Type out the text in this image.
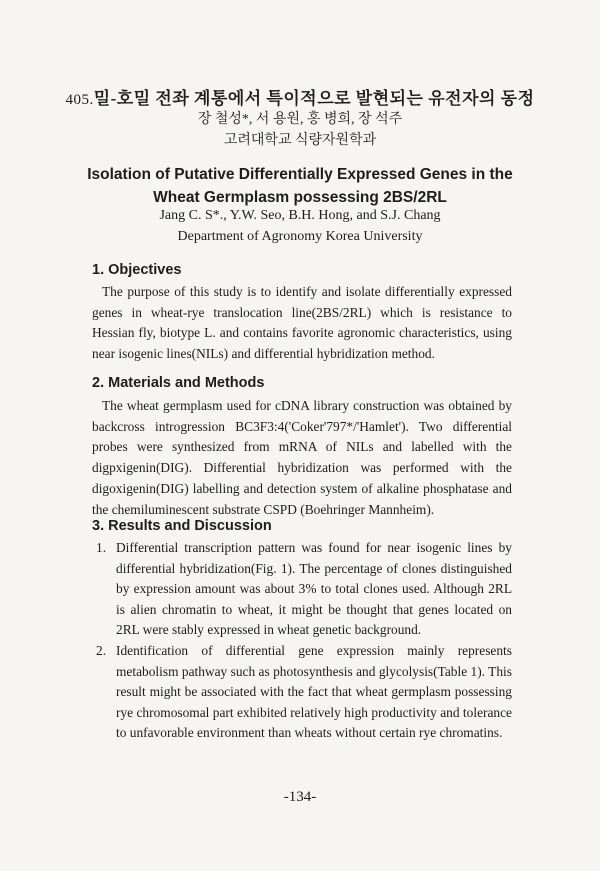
405.밀-호밀 전좌 계통에서 특이적으로 발현되는 유전자의 동정
장 철성*, 서 용원, 홍 병희, 장 석주
고려대학교 식량자원학과
Isolation of Putative Differentially Expressed Genes in the
Wheat Germplasm possessing 2BS/2RL
Jang C. S*., Y.W. Seo, B.H. Hong, and S.J. Chang
Department of Agronomy Korea University
1. Objectives

The purpose of this study is to identify and isolate differentially expressed genes in wheat-rye translocation line(2BS/2RL) which is resistance to Hessian fly, biotype L. and contains favorite agronomic characteristics, using near isogenic lines(NILs) and differential hybridization method.

2. Materials and Methods

The wheat germplasm used for cDNA library construction was obtained by backcross introgression BC3F3:4('Coker'797*/'Hamlet'). Two differential probes were synthesized from mRNA of NILs and labelled with the digpxigenin(DIG). Differential hybridization was performed with the digoxigenin(DIG) labelling and detection system of alkaline phosphatase and the chemiluminescent substrate CSPD (Boehringer Mannheim).

3. Results and Discussion
1. Differential transcription pattern was found for near isogenic lines by differential hybridization(Fig. 1). The percentage of clones distinguished by expression amount was about 3% to total clones used. Although 2RL is alien chromatin to wheat, it might be thought that genes located on 2RL were stably expressed in wheat genetic background.
2. Identification of differential gene expression mainly represents metabolism pathway such as photosynthesis and glycolysis(Table 1). This result might be associated with the fact that wheat germplasm possessing rye chromosomal part exhibited relatively high productivity and tolerance to unfavorable environment than wheats without certain rye chromatins.
-134-
